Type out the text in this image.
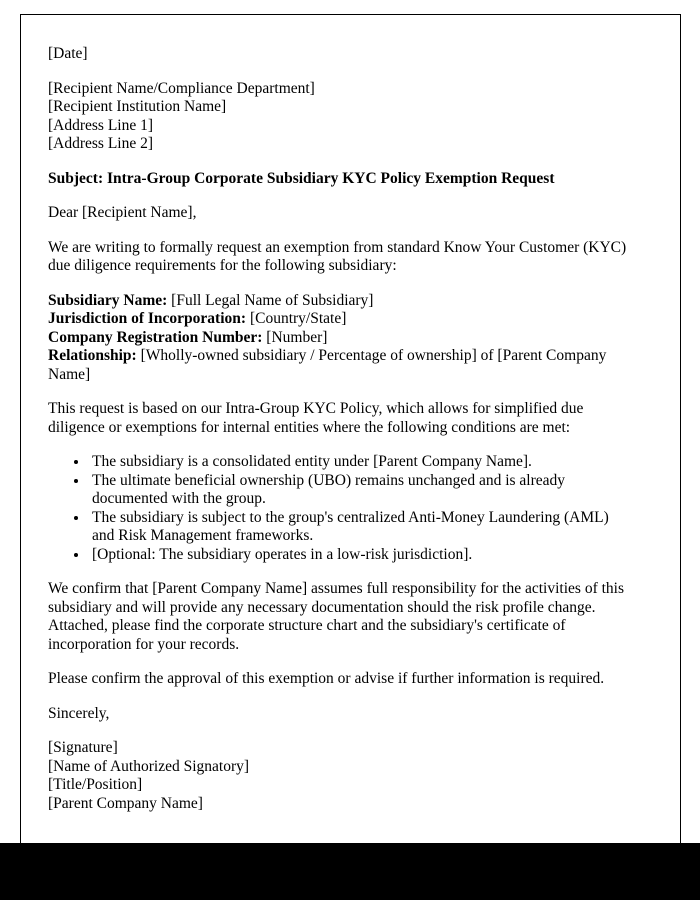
[Date]
[Recipient Name/Compliance Department]
[Recipient Institution Name]
[Address Line 1]
[Address Line 2]
Subject: Intra-Group Corporate Subsidiary KYC Policy Exemption Request
Dear [Recipient Name],
We are writing to formally request an exemption from standard Know Your Customer (KYC) due diligence requirements for the following subsidiary:
Subsidiary Name: [Full Legal Name of Subsidiary]
Jurisdiction of Incorporation: [Country/State]
Company Registration Number: [Number]
Relationship: [Wholly-owned subsidiary / Percentage of ownership] of [Parent Company Name]
This request is based on our Intra-Group KYC Policy, which allows for simplified due diligence or exemptions for internal entities where the following conditions are met:
• The subsidiary is a consolidated entity under [Parent Company Name].
• The ultimate beneficial ownership (UBO) remains unchanged and is already documented with the group.
• The subsidiary is subject to the group's centralized Anti-Money Laundering (AML) and Risk Management frameworks.
• [Optional: The subsidiary operates in a low-risk jurisdiction].
We confirm that [Parent Company Name] assumes full responsibility for the activities of this subsidiary and will provide any necessary documentation should the risk profile change. Attached, please find the corporate structure chart and the subsidiary's certificate of incorporation for your records.
Please confirm the approval of this exemption or advise if further information is required.
Sincerely,
[Signature]
[Name of Authorized Signatory]
[Title/Position]
[Parent Company Name]
